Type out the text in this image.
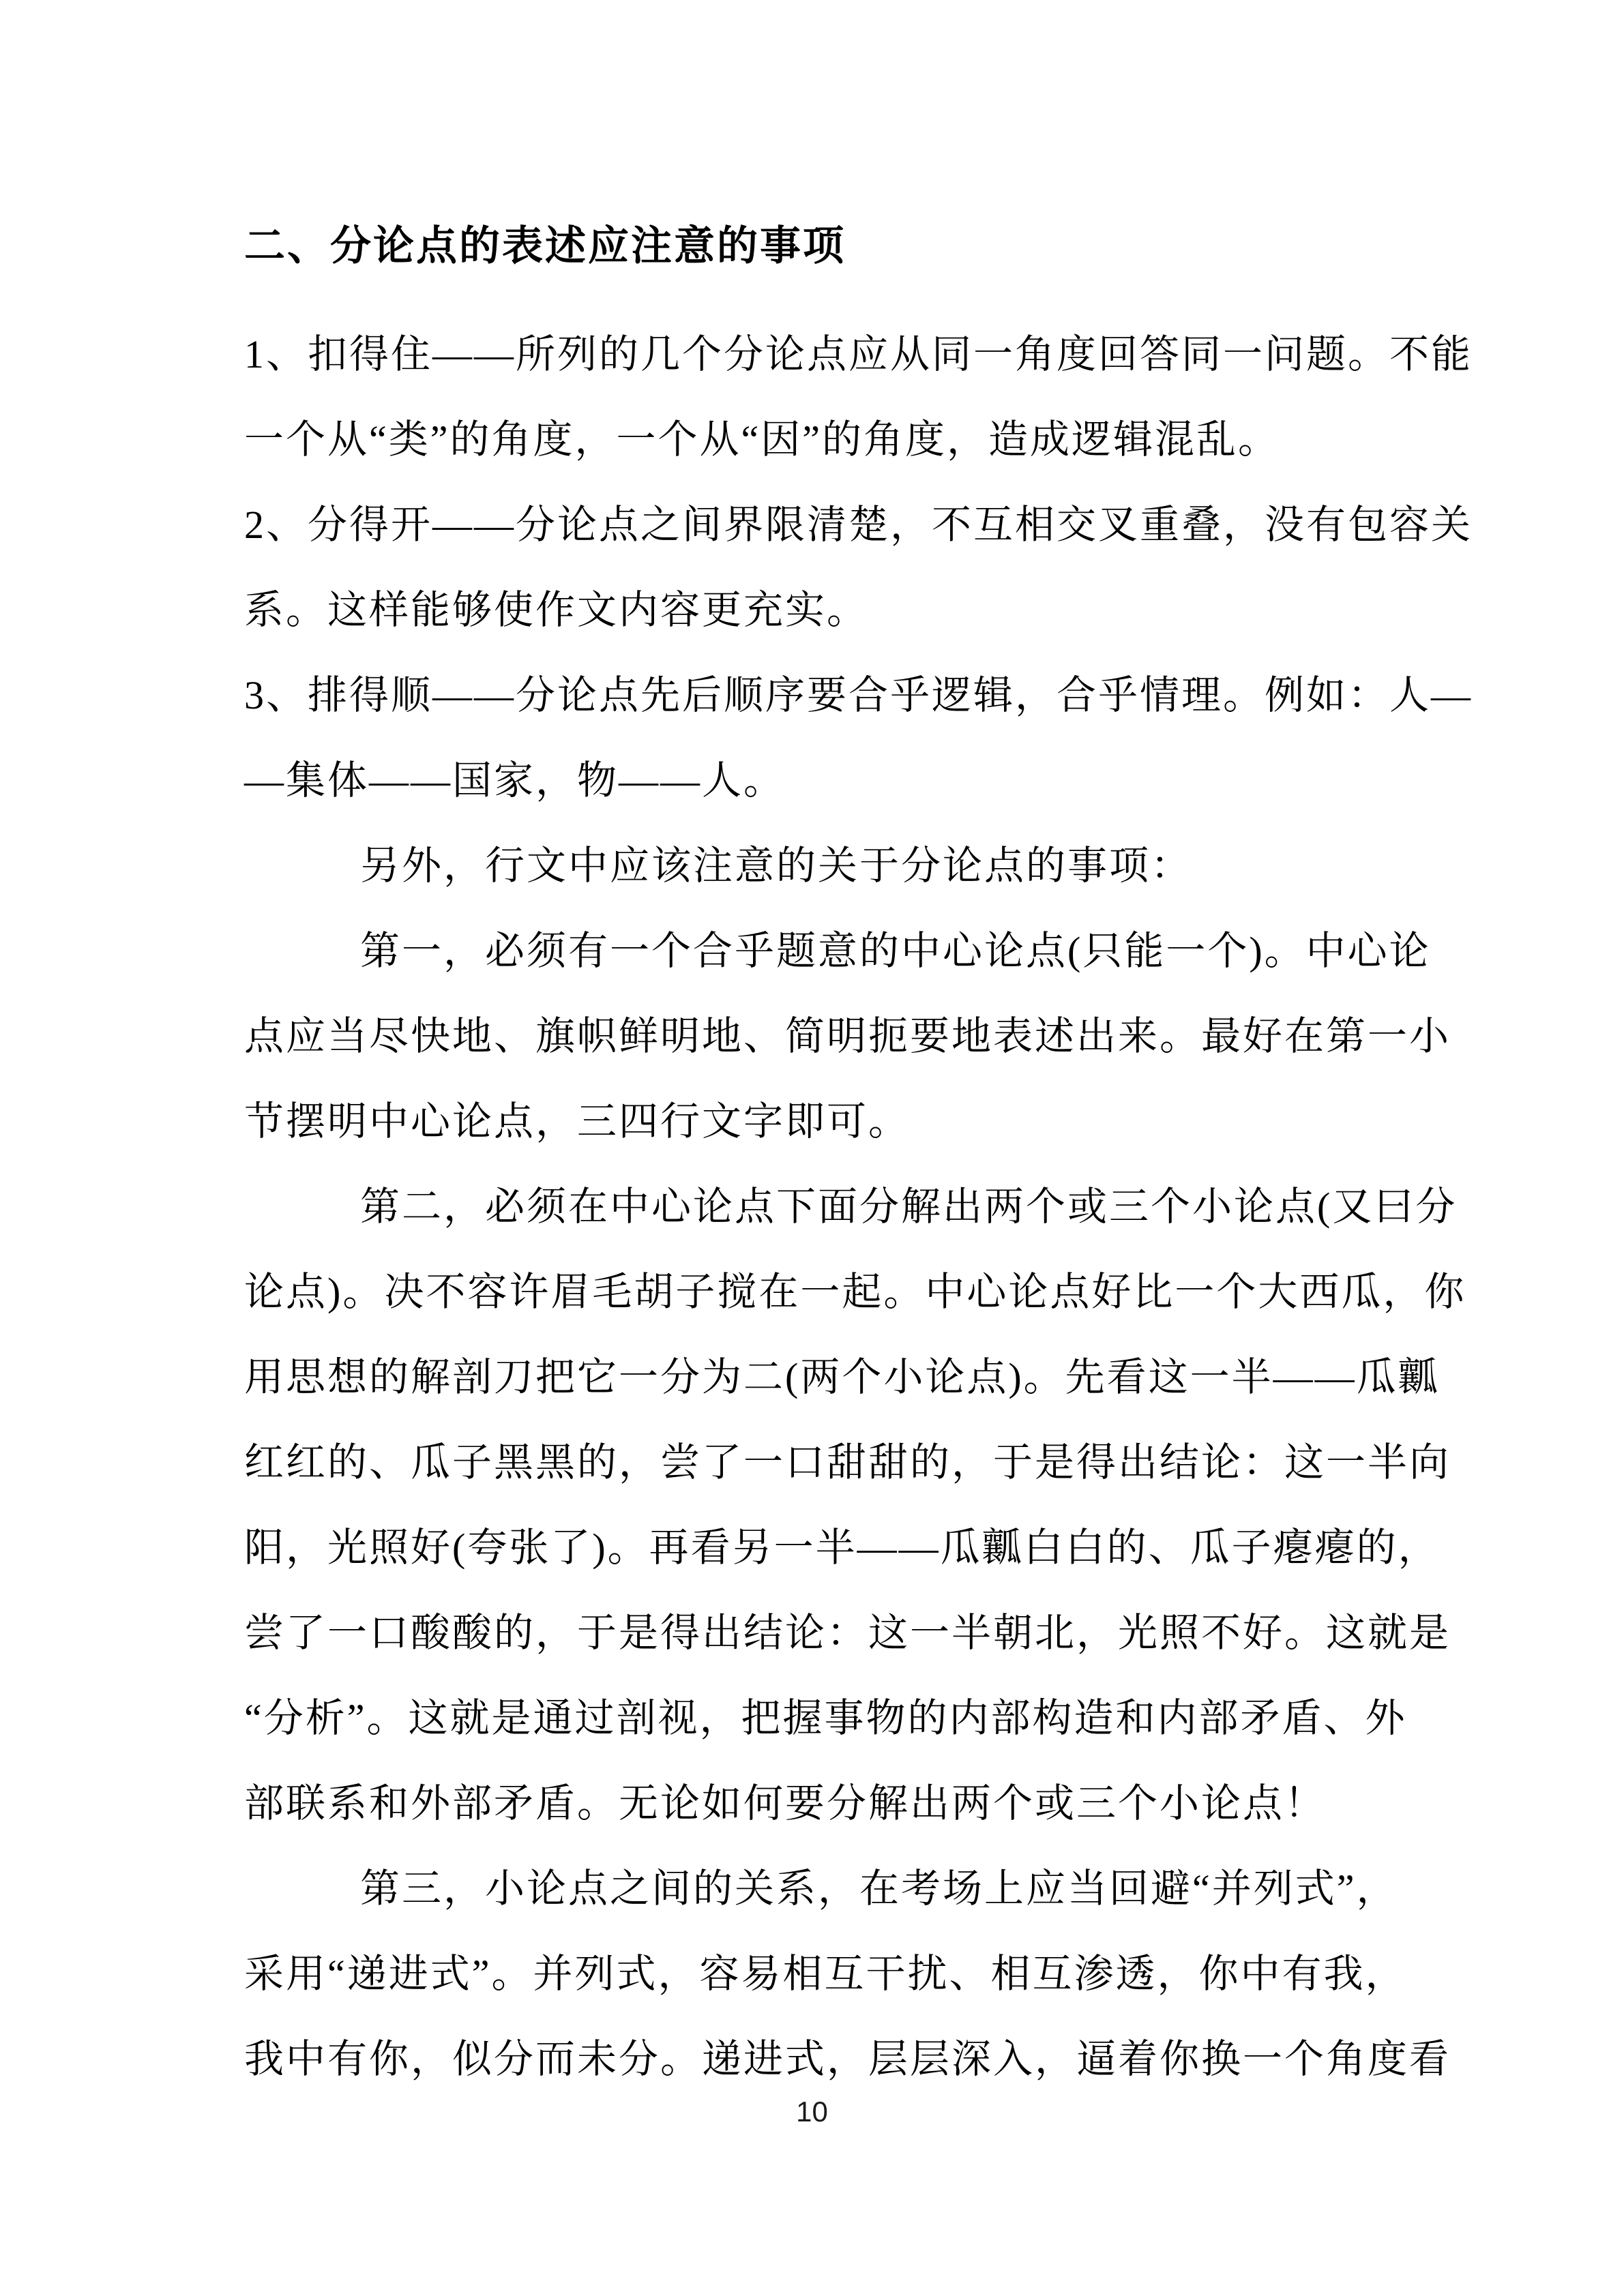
二、分论点的表述应注意的事项
1、扣得住——所列的几个分论点应从同一角度回答同一问题。不能
一个从“类”的角度，一个从“因”的角度，造成逻辑混乱。
2、分得开——分论点之间界限清楚，不互相交叉重叠，没有包容关
系。这样能够使作文内容更充实。
3、排得顺——分论点先后顺序要合乎逻辑，合乎情理。例如：人—
—集体——国家，物——人。
另外，行文中应该注意的关于分论点的事项：
第一，必须有一个合乎题意的中心论点(只能一个)。中心论
点应当尽快地、旗帜鲜明地、简明扼要地表述出来。最好在第一小
节摆明中心论点，三四行文字即可。
第二，必须在中心论点下面分解出两个或三个小论点(又曰分
论点)。决不容许眉毛胡子搅在一起。中心论点好比一个大西瓜，你
用思想的解剖刀把它一分为二(两个小论点)。先看这一半——瓜瓤
红红的、瓜子黑黑的，尝了一口甜甜的，于是得出结论：这一半向
阳，光照好(夸张了)。再看另一半——瓜瓤白白的、瓜子瘪瘪的，
尝了一口酸酸的，于是得出结论：这一半朝北，光照不好。这就是
“分析”。这就是通过剖视，把握事物的内部构造和内部矛盾、外
部联系和外部矛盾。无论如何要分解出两个或三个小论点！
第三，小论点之间的关系，在考场上应当回避“并列式”，
采用“递进式”。并列式，容易相互干扰、相互渗透，你中有我，
我中有你，似分而未分。递进式，层层深入，逼着你换一个角度看
10
